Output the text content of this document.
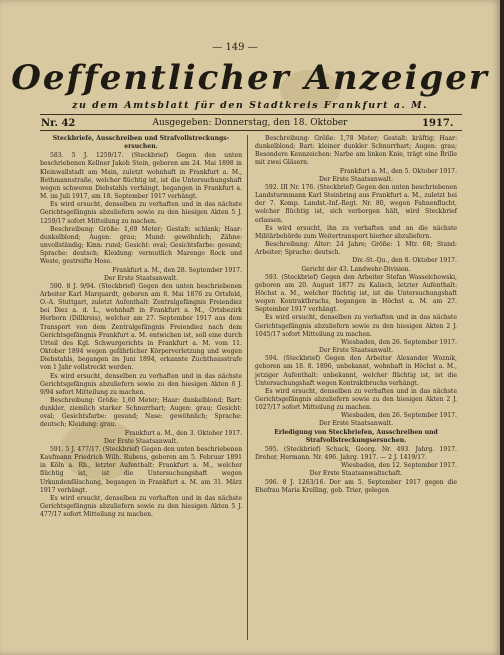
— 149 —
Oeffentlicher Anzeiger
zu dem Amtsblatt für den Stadtkreis Frankfurt a. M.
Nr. 42	Ausgegeben: Donnerstag, den 18. Oktober	1917.

Steckbriefe, Ausschreiben und Strafvollstreckungs-ersuchen.

583. 5 J. 1259/17. (Steckbrief) Gegen den unten beschriebenen Kellner Jakob Stein, geboren am 24. Mai 1898 in Kleinwallstadt am Main, zuletzt wohnhaft in Frankfurt a. M., Bethmannstraße, welcher flüchtig ist, ist die Untersuchungshaft wegen schweren Diebstahls verhängt, begangen in Frankfurt a. M. im Juli 1917, am 18. September 1917 verhängt.

Es wird ersucht, denselben zu verhaften und in das nächste Gerichtsgefängnis abzuliefern sowie zu den hiesigen Akten 5 J. 1259/17 sofort Mitteilung zu machen.

Beschreibung: Größe: 1,69 Meter; Gestalt: schlank; Haar: dunkelblond; Augen: grau; Mund: gewöhnlich; Zähne: unvollständig; Kinn: rund; Gesicht: oval; Gesichtsfarbe: gesund; Sprache: deutsch; Kleidung: vermutlich Marengo Rock und Weste, gestreifte Hose.

Frankfurt a. M., den 28. September 1917.

Der Erste Staatsanwalt.

590. 8 J. 9/94. (Steckbrief) Gegen den unten beschriebenen Arbeiter Karl Marquardt, geboren am 8. Mai 1876 zu Ortsfeld, O.-A. Stuttgart, zuletzt Aufenthalt: Zentralgefängnis Freiendiez bei Diez a. d. L., wohnhaft in Frankfurt a. M., Ortsbezirk Herborn (Dillkreis), welcher am 27. September 1917 aus dem Transport von dem Zentralgefängnis Freiendiez nach dem Gerichtsgefängnis Frankfurt a. M. entwichen ist, soll eine durch Urteil des Kgl. Schwurgerichts in Frankfurt a. M. vom 11. Oktober 1894 wegen gefährlicher Körperverletzung und wegen Diebstahls, begangen im Juni 1894, erkannte Zuchthausstrafe von 1 Jahr vollstreckt werden.

Es wird ersucht, denselben zu verhaften und in das nächste Gerichtsgefängnis abzuliefern sowie zu den hiesigen Akten 8 J. 9/94 sofort Mitteilung zu machen.

Beschreibung: Größe: 1,60 Meter; Haar: dunkelblond; Bart: dunkler, ziemlich starker Schnurrbart; Augen: grau; Gesicht: oval; Gesichtsfarbe: gesund; Nase: gewöhnlich; Sprache: deutsch; Kleidung: grau.

Frankfurt a. M., den 3. Oktober 1917.

Der Erste Staatsanwalt.

591. 5 J. 477/17. (Steckbrief) Gegen den unten beschriebenen Kaufmann Friedrich Wilh. Rubens, geboren am 5. Februar 1891 in Köln a. Rh., letzter Aufenthalt: Frankfurt a. M., welcher flüchtig ist, ist die Untersuchungshaft wegen Urkundenfälschung, begangen in Frankfurt a. M. am 31. März 1917 verhängt.

Es wird ersucht, denselben zu verhaften und in das nächste Gerichtsgefängnis abzuliefern sowie zu den hiesigen Akten 5 J. 477/17 sofort Mitteilung zu machen.

Beschreibung: Größe: 1,78 Meter; Gestalt: kräftig; Haar: dunkelblond; Bart: kleiner dunkler Schnurrbart; Augen: grau; Besondere Kennzeichen: Narbe am linken Knie, trägt eine Brille mit zwei Gläsern.

Frankfurt a. M., den 5. Oktober 1917.

Der Erste Staatsanwalt.

592. III Nr. 176. (Steckbrief) Gegen den unten beschriebenen Landsturmmann Karl Steinbring aus Frankfurt a. M., zuletzt bei der 7. Komp. Landst.-Inf.-Regt. Nr. 80, wegen Fahnenflucht, welcher flüchtig ist, sich verborgen hält, wird Steckbrief erlassen.

Es wird ersucht, ihn zu verhaften und an die nächste Militärbehörde zum Weitertransport hierher abzuliefern.

Beschreibung: Alter: 24 Jahre; Größe: 1 Mtr. 68; Stand: Arbeiter; Sprache: deutsch.

Div.-St.-Qu., den 8. Oktober 1917.

Gericht der 43. Landwehr-Division.

593. (Steckbrief) Gegen den Arbeiter Stefan Wasselchowski, geboren am 20. August 1877 zu Kalisch, letzter Aufenthalt: Höchst a. M., welcher flüchtig ist, ist die Untersuchungshaft wegen Kontraktbruchs, begangen in Höchst a. M. am 27. September 1917 verhängt.

Es wird ersucht, denselben zu verhaften und in das nächste Gerichtsgefängnis abzuliefern sowie zu den hiesigen Akten 2 J. 1045/17 sofort Mitteilung zu machen.

Wiesbaden, den 26. September 1917.

Der Erste Staatsanwalt.

594. (Steckbrief) Gegen den Arbeiter Alexander Woznik, geboren am 18. 8. 1896, unbekannt, wohnhaft in Höchst a. M., jetziger Aufenthalt: unbekannt, welcher flüchtig ist, ist die Untersuchungshaft wegen Kontraktbruchs verhängt.

Es wird ersucht, denselben zu verhaften und in das nächste Gerichtsgefängnis abzuliefern sowie zu den hiesigen Akten 2 J. 1027/17 sofort Mitteilung zu machen.

Wiesbaden, den 26. September 1917.

Der Erste Staatsanwalt.

Erledigung von Steckbriefen, Ausschreiben und Strafvollstreckungsersuchen.

595. (Steckbrief) Schuck, Georg. Nr. 493. Jahrg. 1917. Dreher, Hermann. Nr. 496. Jahrg. 1917. — 2 J. 1419/17.

Wiesbaden, den 12. September 1917.

Der Erste Staatsanwaltschaft.

596. 8 J. 1263/16. Der am 5. September 1917 gegen die Ehefrau Maria Krelling, geb. Trier, gelegen
